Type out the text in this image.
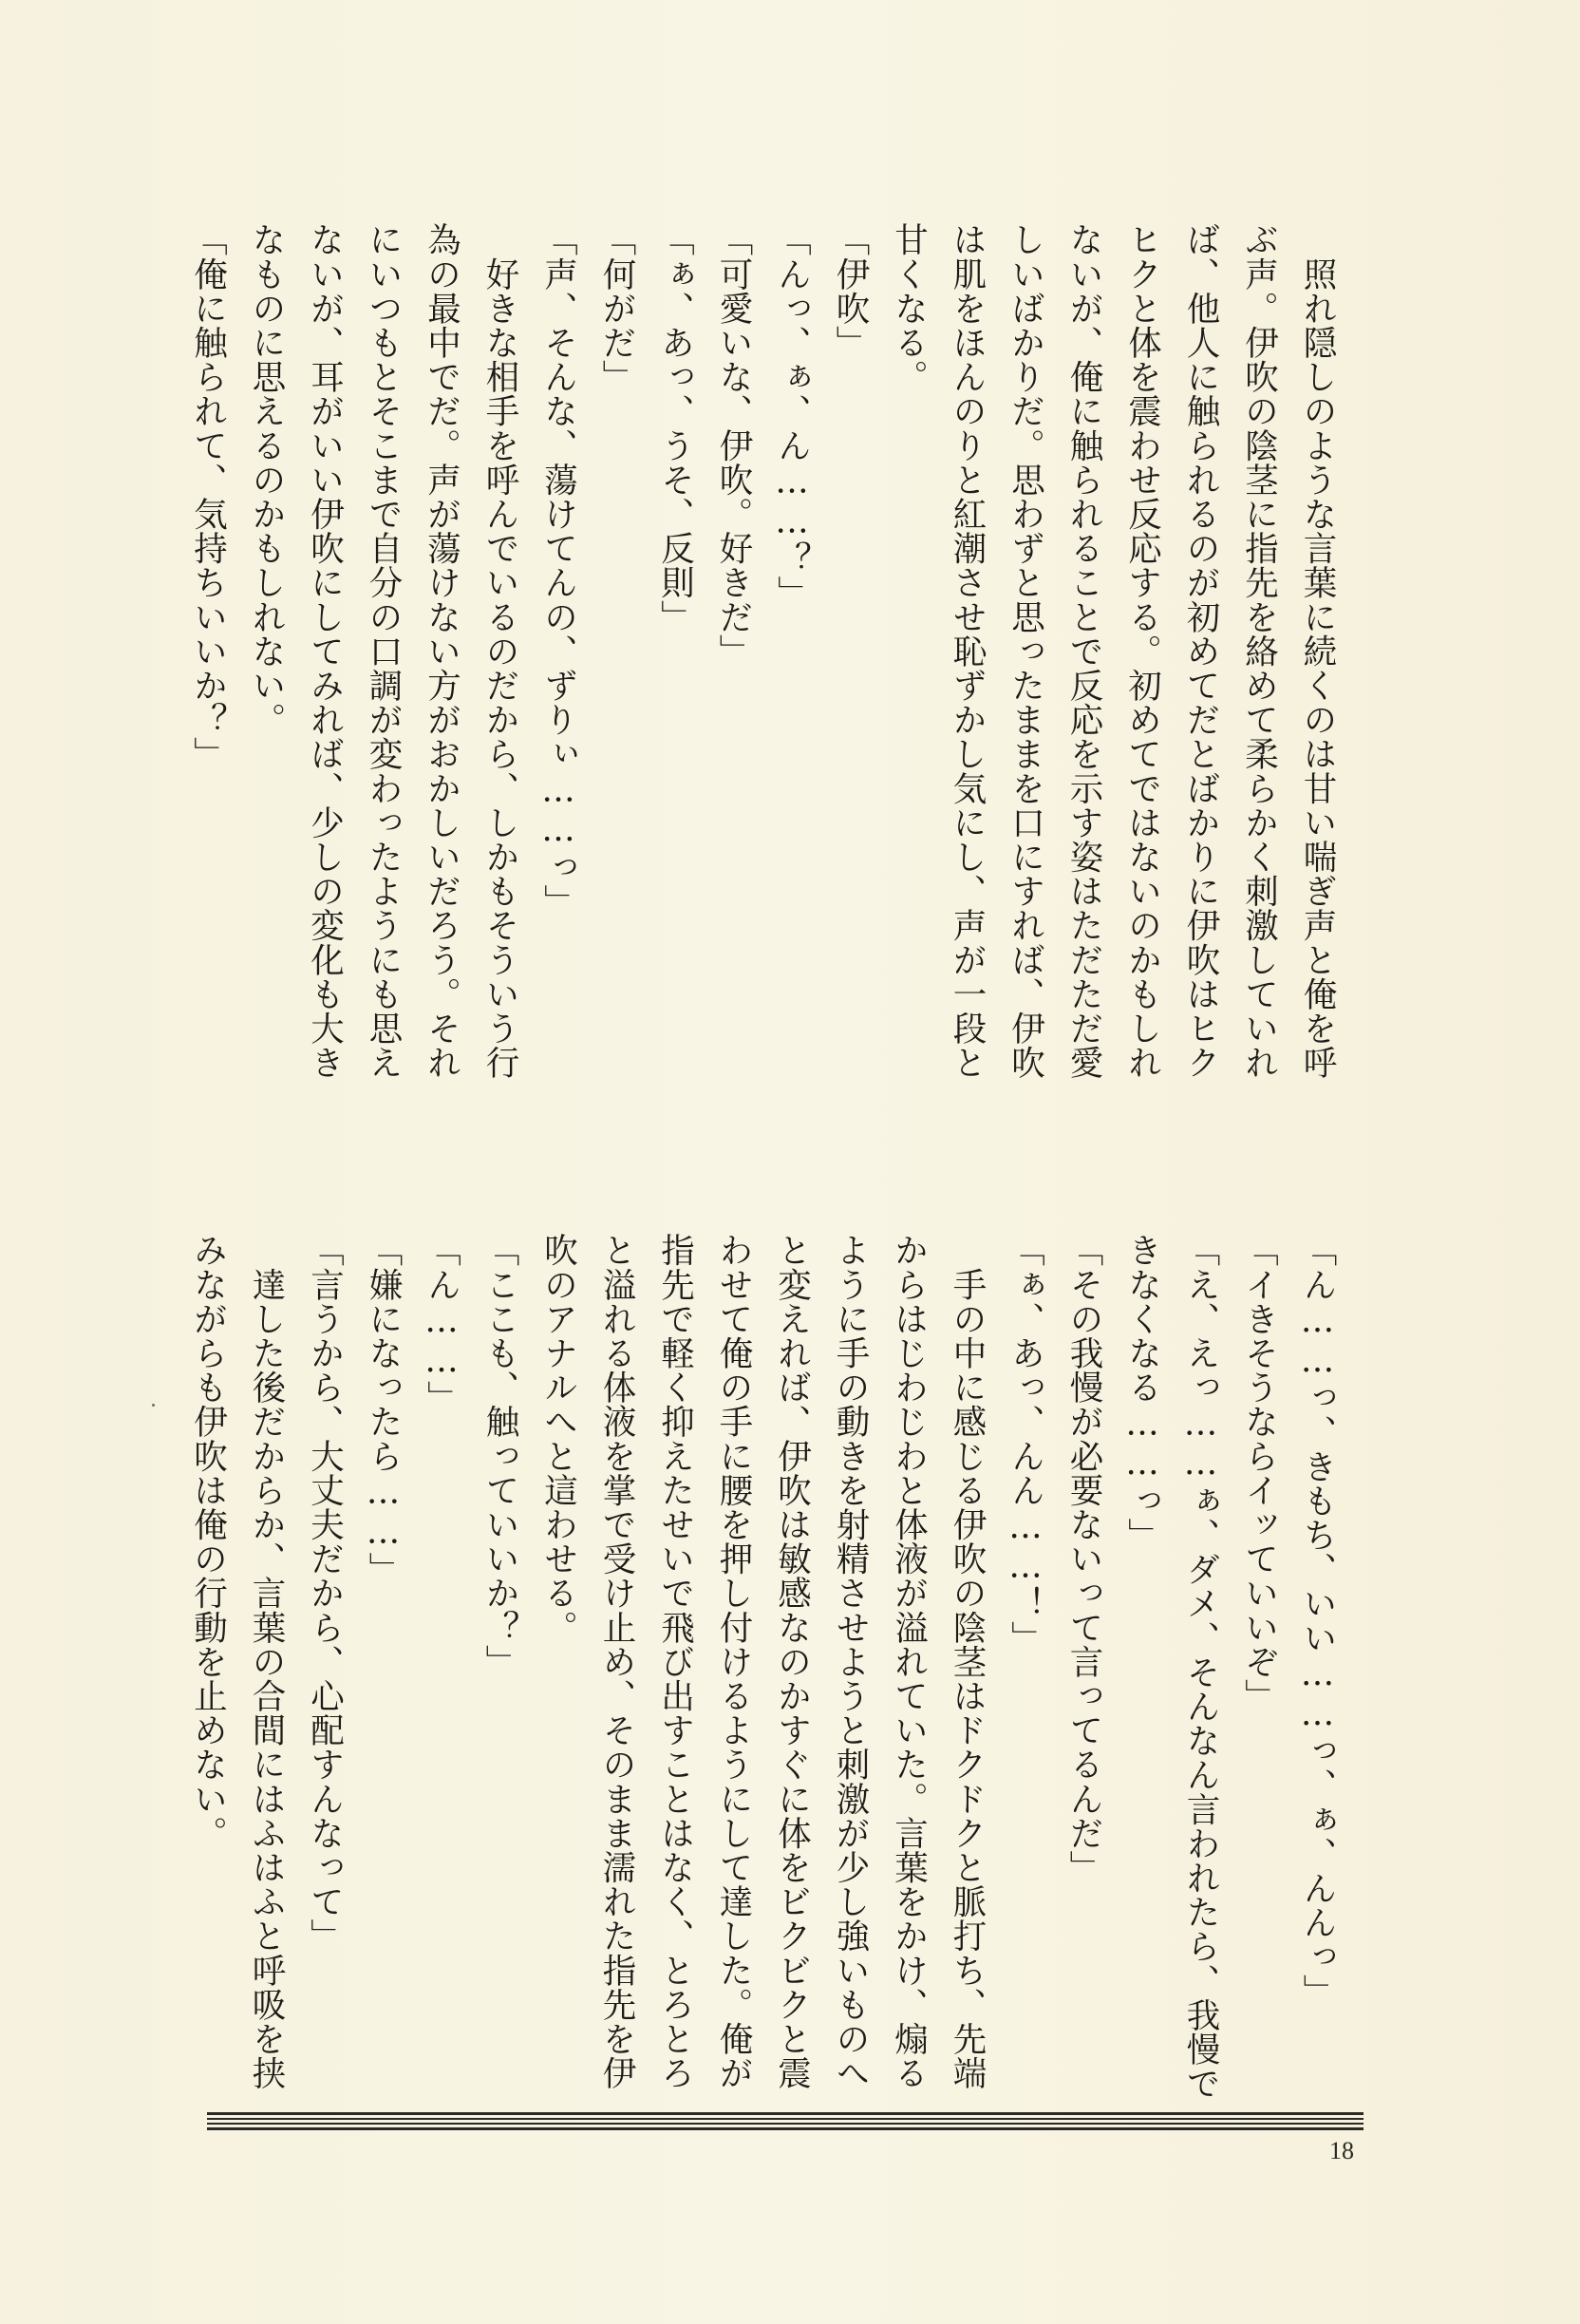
　照れ隠しのような言葉に続くのは甘い喘ぎ声と俺を呼

ぶ声。伊吹の陰茎に指先を絡めて柔らかく刺激していれ

ば、他人に触られるのが初めてだとばかりに伊吹はヒク

ヒクと体を震わせ反応する。初めてではないのかもしれ

ないが、俺に触られることで反応を示す姿はただただ愛

しいばかりだ。思わずと思ったままを口にすれば、伊吹

は肌をほんのりと紅潮させ恥ずかし気にし、声が一段と

甘くなる。

「伊吹」

「んっ、ぁ、ん……？」

「可愛いな、伊吹。好きだ」

「ぁ、あっ、うそ、反則」

「何がだ」

「声、そんな、蕩けてんの、ずりぃ……っ」

　好きな相手を呼んでいるのだから、しかもそういう行

為の最中でだ。声が蕩けない方がおかしいだろう。それ

にいつもとそこまで自分の口調が変わったようにも思え

ないが、耳がいい伊吹にしてみれば、少しの変化も大き

なものに思えるのかもしれない。

「俺に触られて、気持ちいいか？」

「ん……っ、きもち、いい……っ、ぁ、んんっ」

「イきそうならイッていいぞ」

「え、えっ……ぁ、ダメ、そんなん言われたら、我慢で

きなくなる……っ」

「その我慢が必要ないって言ってるんだ」

「ぁ、あっ、んん……！」

　手の中に感じる伊吹の陰茎はドクドクと脈打ち、先端

からはじわじわと体液が溢れていた。言葉をかけ、煽る

ように手の動きを射精させようと刺激が少し強いものへ

と変えれば、伊吹は敏感なのかすぐに体をビクビクと震

わせて俺の手に腰を押し付けるようにして達した。俺が

指先で軽く抑えたせいで飛び出すことはなく、とろとろ

と溢れる体液を掌で受け止め、そのまま濡れた指先を伊

吹のアナルへと這わせる。

「ここも、触っていいか？」

「ん……」

「嫌になったら……」

「言うから、大丈夫だから、心配すんなって」

　達した後だからか、言葉の合間にはふはふと呼吸を挟

みながらも伊吹は俺の行動を止めない。

18
